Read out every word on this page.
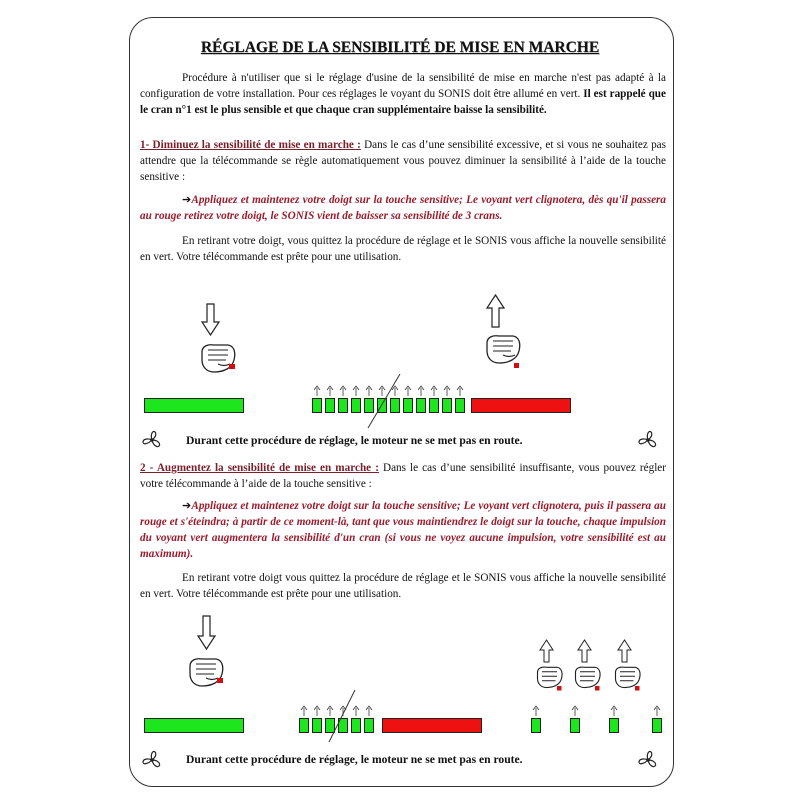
RÉGLAGE DE LA SENSIBILITÉ DE MISE EN MARCHE

Procédure à n'utiliser que si le réglage d'usine de la sensibilité de mise en marche n'est pas adapté à la configuration de votre installation. Pour ces réglages le voyant du SONIS doit être allumé en vert. Il est rappelé que le cran n°1 est le plus sensible et que chaque cran supplémentaire baisse la sensibilité.

1- Diminuez la sensibilité de mise en marche : Dans le cas d’une sensibilité excessive, et si vous ne souhaitez pas attendre que la télécommande se règle automatiquement vous pouvez diminuer la sensibilité à l’aide de la touche sensitive :

➔Appliquez et maintenez votre doigt sur la touche sensitive; Le voyant vert clignotera, dès qu'il passera au rouge retirez votre doigt, le SONIS vient de baisser sa sensibilité de 3 crans.

En retirant votre doigt, vous quittez la procédure de réglage et le SONIS vous affiche la nouvelle sensibilité en vert. Votre télécommande est prête pour une utilisation.

Durant cette procédure de réglage, le moteur ne se met pas en route.

2 - Augmentez la sensibilité de mise en marche : Dans le cas d’une sensibilité insuffisante, vous pouvez régler votre télécommande à l’aide de la touche sensitive :

➔Appliquez et maintenez votre doigt sur la touche sensitive; Le voyant vert clignotera, puis il passera au rouge et s'éteindra; à partir de ce moment-là, tant que vous maintiendrez le doigt sur la touche, chaque impulsion du voyant vert augmentera la sensibilité d'un cran (si vous ne voyez aucune impulsion, votre sensibilité est au maximum).

En retirant votre doigt vous quittez la procédure de réglage et le SONIS vous affiche la nouvelle sensibilité en vert. Votre télécommande est prête pour une utilisation.

Durant cette procédure de réglage, le moteur ne se met pas en route.
